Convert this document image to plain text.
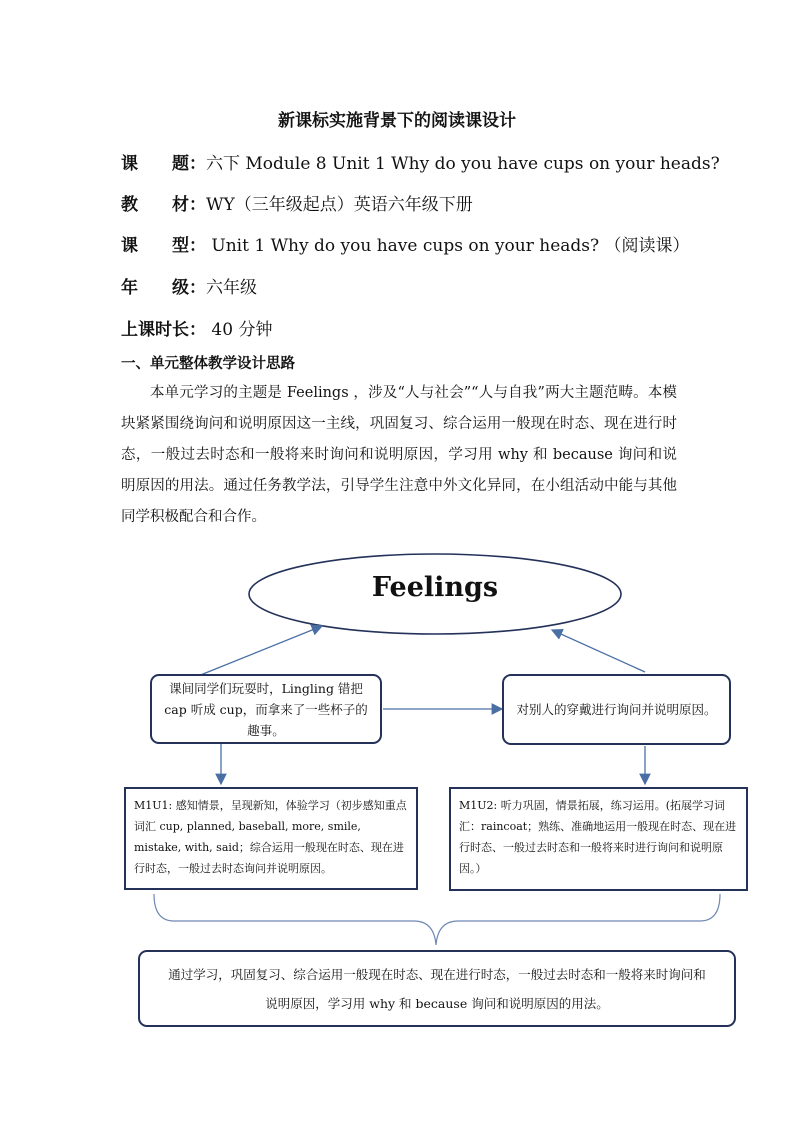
新课标实施背景下的阅读课设计
课　　题：六下 Module 8 Unit 1 Why do you have cups on your heads?
教　　材：WY（三年级起点）英语六年级下册
课　　型： Unit 1 Why do you have cups on your heads? （阅读课）
年　　级：六年级
上课时长： 40 分钟
一、单元整体教学设计思路

本单元学习的主题是 Feelings ，涉及“人与社会”“人与自我”两大主题范畴。本模块紧紧围绕询问和说明原因这一主线，巩固复习、综合运用一般现在时态、现在进行时态，一般过去时态和一般将来时询问和说明原因，学习用 why 和 because 询问和说明原因的用法。通过任务教学法，引导学生注意中外文化异同，在小组活动中能与其他同学积极配合和合作。

Feelings
课间同学们玩耍时，Lingling 错把 cap 听成 cup，而拿来了一些杯子的趣事。
对别人的穿戴进行询问并说明原因。
M1U1: 感知情景，呈现新知，体验学习（初步感知重点词汇 cup, planned, baseball, more, smile, mistake, with, said；综合运用一般现在时态、现在进行时态，一般过去时态询问并说明原因。
M1U2: 听力巩固，情景拓展，练习运用。(拓展学习词汇：raincoat；熟练、准确地运用一般现在时态、现在进行时态、一般过去时态和一般将来时进行询问和说明原因。）
通过学习，巩固复习、综合运用一般现在时态、现在进行时态，一般过去时态和一般将来时询问和说明原因，学习用 why 和 because 询问和说明原因的用法。
